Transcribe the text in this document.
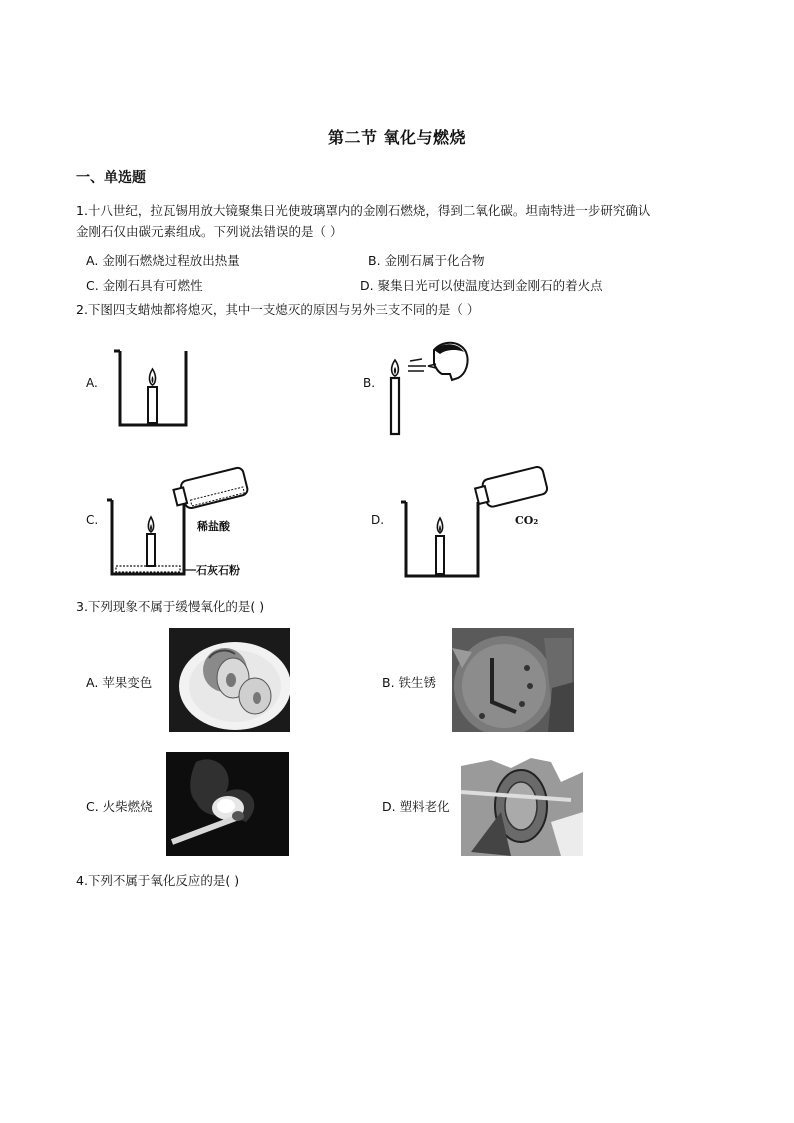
第二节 氧化与燃烧
一、单选题
1.十八世纪，拉瓦锡用放大镜聚集日光使玻璃罩内的金刚石燃烧，得到二氧化碳。坦南特进一步研究确认
金刚石仅由碳元素组成。下列说法错误的是（ ）
A. 金刚石燃烧过程放出热量	B. 金刚石属于化合物
C. 金刚石具有可燃性	D. 聚集日光可以使温度达到金刚石的着火点
2.下图四支蜡烛都将熄灭，其中一支熄灭的原因与另外三支不同的是（ ）
A.	B.
C.	稀盐酸
石灰石粉
D.	CO₂
3.下列现象不属于缓慢氧化的是( )
A. 苹果变色	B. 铁生锈
C. 火柴燃烧	D. 塑料老化
4.下列不属于氧化反应的是( )
